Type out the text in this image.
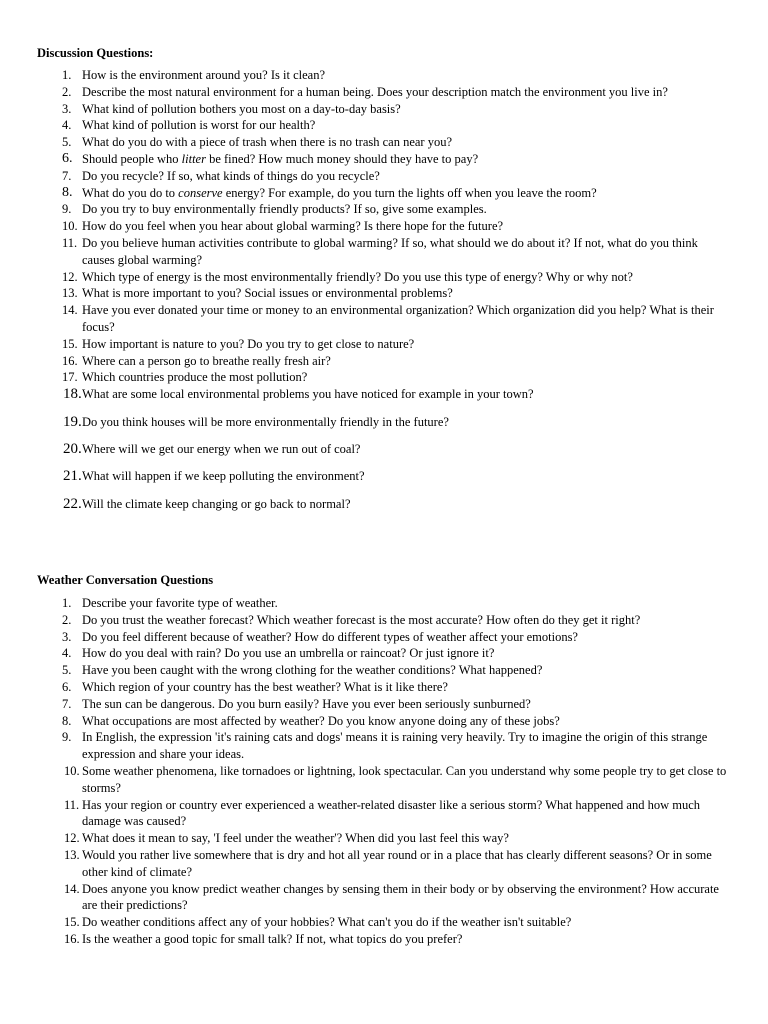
Discussion Questions:
1. How is the environment around you? Is it clean?
2. Describe the most natural environment for a human being. Does your description match the environment you live in?
3. What kind of pollution bothers you most on a day-to-day basis?
4. What kind of pollution is worst for our health?
5. What do you do with a piece of trash when there is no trash can near you?
6. Should people who litter be fined? How much money should they have to pay?
7. Do you recycle? If so, what kinds of things do you recycle?
8. What do you do to conserve energy? For example, do you turn the lights off when you leave the room?
9. Do you try to buy environmentally friendly products? If so, give some examples.
10. How do you feel when you hear about global warming? Is there hope for the future?
11. Do you believe human activities contribute to global warming? If so, what should we do about it? If not, what do you think causes global warming?
12. Which type of energy is the most environmentally friendly? Do you use this type of energy? Why or why not?
13. What is more important to you? Social issues or environmental problems?
14. Have you ever donated your time or money to an environmental organization? Which organization did you help? What is their focus?
15. How important is nature to you? Do you try to get close to nature?
16. Where can a person go to breathe really fresh air?
17. Which countries produce the most pollution?
18. What are some local environmental problems you have noticed for example in your town?
19. Do you think houses will be more environmentally friendly in the future?
20. Where will we get our energy when we run out of coal?
21. What will happen if we keep polluting the environment?
22. Will the climate keep changing or go back to normal?
Weather Conversation Questions
1. Describe your favorite type of weather.
2. Do you trust the weather forecast? Which weather forecast is the most accurate? How often do they get it right?
3. Do you feel different because of weather? How do different types of weather affect your emotions?
4. How do you deal with rain? Do you use an umbrella or raincoat? Or just ignore it?
5. Have you been caught with the wrong clothing for the weather conditions? What happened?
6. Which region of your country has the best weather? What is it like there?
7. The sun can be dangerous. Do you burn easily? Have you ever been seriously sunburned?
8. What occupations are most affected by weather? Do you know anyone doing any of these jobs?
9. In English, the expression 'it's raining cats and dogs' means it is raining very heavily. Try to imagine the origin of this strange expression and share your ideas.
10. Some weather phenomena, like tornadoes or lightning, look spectacular. Can you understand why some people try to get close to storms?
11. Has your region or country ever experienced a weather-related disaster like a serious storm? What happened and how much damage was caused?
12. What does it mean to say, 'I feel under the weather'? When did you last feel this way?
13. Would you rather live somewhere that is dry and hot all year round or in a place that has clearly different seasons? Or in some other kind of climate?
14. Does anyone you know predict weather changes by sensing them in their body or by observing the environment? How accurate are their predictions?
15. Do weather conditions affect any of your hobbies? What can't you do if the weather isn't suitable?
16. Is the weather a good topic for small talk? If not, what topics do you prefer?
